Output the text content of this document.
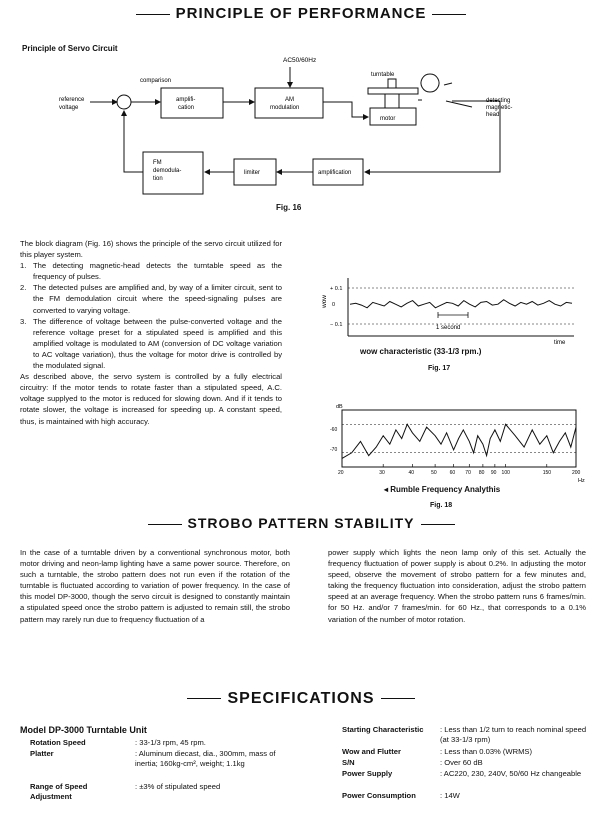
PRINCIPLE OF PERFORMANCE
Principle of Servo Circuit
reference
voltage
comparison
amplifi-
cation
AC50/60Hz
AM
modulation
turntable
motor
detecting
magnetic-
head
amplification
limiter
FM
demodula-
tion
Fig. 16
The block diagram (Fig. 16) shows the principle of the servo circuit utilized for this player system.
1. The detecting magnetic-head detects the turntable speed as the frequency of pulses.
2. The detected pulses are amplified and, by way of a limiter circuit, sent to the FM demodulation circuit where the speed-signaling pulses are converted to varying voltage.
3. The difference of voltage between the pulse-converted voltage and the reference voltage preset for a stipulated speed is amplified and this amplified voltage is modulated to AM (conversion of DC voltage variation to AC voltage variation), thus the voltage for motor drive is controlled by the modulated signal.
As described above, the servo system is controlled by a fully electrical circuitry: If the motor tends to rotate faster than a stipulated speed, A.C. voltage supplyed to the motor is reduced for slowing down. And if it tends to rotate slower, the voltage is increased for speeding up. A constant speed, thus, is maintained with high accuracy.
wow
+ 0.1
0
− 0.1	1 second
time
wow characteristic (33-1/3 rpm.)
Fig. 17
dB
-60
-70
20	30	40	50	60 70 80 90 100	150	200
Hz
◂ Rumble Frequency Analythis
Fig. 18
STROBO PATTERN STABILITY
In the case of a turntable driven by a conventional synchronous motor, both motor driving and neon-lamp lighting have a same power source. Therefore, on such a turntable, the strobo pattern does not run even if the rotation of the turntable is fluctuated according to variation of power frequency. In the case of this model DP-3000, though the servo circuit is designed to constantly maintain a stipulated speed once the strobo pattern is adjusted to remain still, the strobo pattern may rarely run due to frequency fluctuation of a
power supply which lights the neon lamp only of this set. Actually the frequency fluctuation of power supply is about 0.2%. In adjusting the motor speed, observe the movement of strobo pattern for a few minutes and, taking the frequency fluctuation into consideration, adjust the strobo pattern speed at an average frequency. When the strobo pattern runs 6 frames/min. for 50 Hz. and/or 7 frames/min. for 60 Hz., that corresponds to a 0.1% variation of the number of motor rotation.
SPECIFICATIONS
Model DP-3000 Turntable Unit
Rotation Speed	: 33-1/3 rpm, 45 rpm.
Platter	: Aluminum diecast, dia., 300mm, mass of inertia; 160kg-cm², weight; 1.1kg
Range of Speed Adjustment
: ±3% of stipulated speed
Starting Characteristic : Less than 1/2 turn to reach nominal speed (at 33-1/3 rpm)
Wow and Flutter	: Less than 0.03% (WRMS)
S/N	: Over 60 dB
Power Supply	: AC220, 230, 240V, 50/60 Hz changeable
Power Consumption	: 14W
